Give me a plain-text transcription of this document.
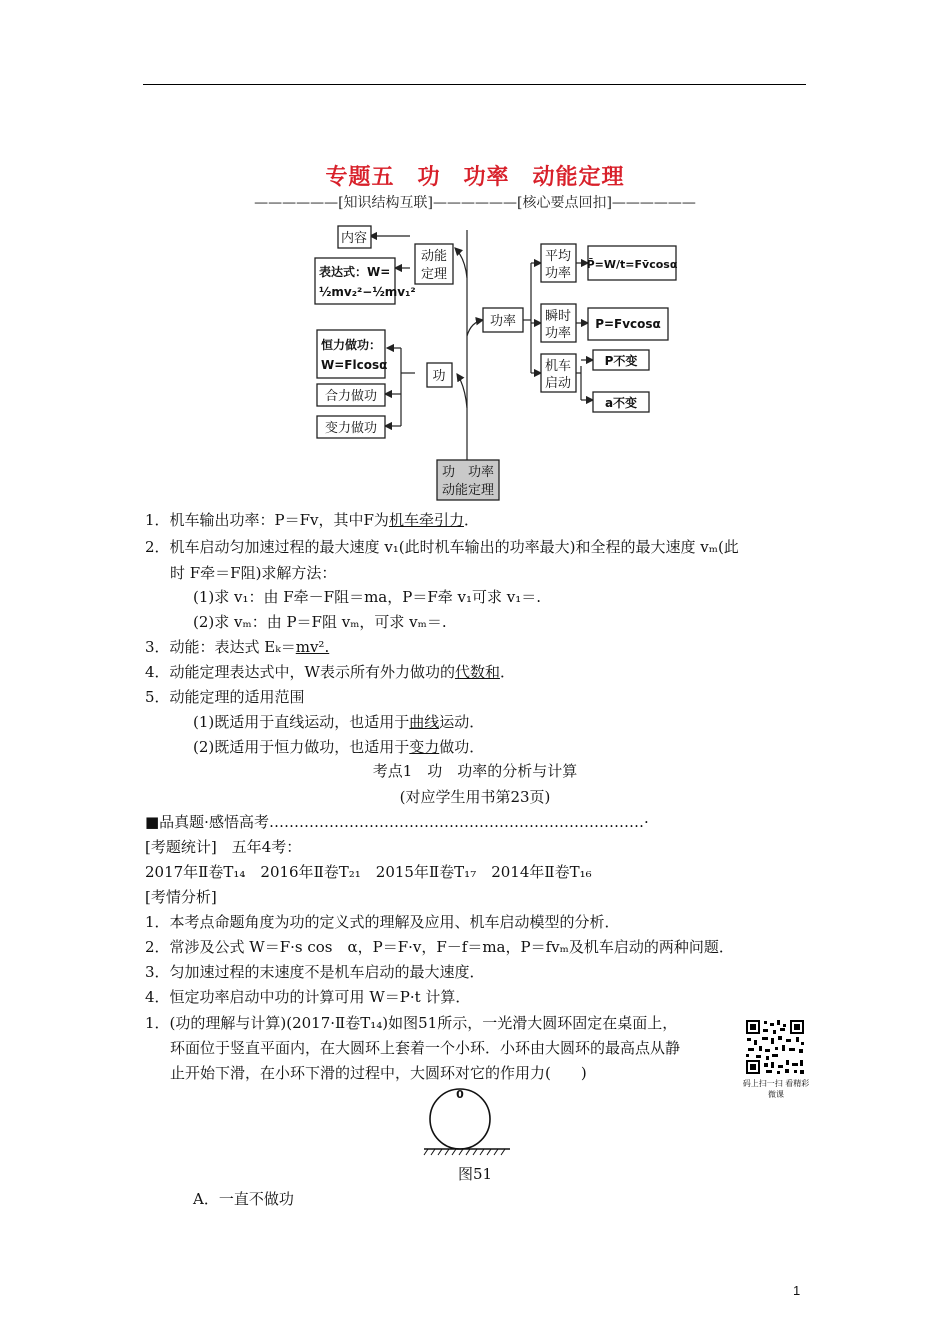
专题五　功　功率　动能定理
——————[知识结构互联]——————[核心要点回扣]——————
内容
表达式：W=
½mv₂²−½mv₁²
动能
定理
恒力做功：
W=Flcosα
合力做功
变力做功
功
功率
平均
功率
P̄=W/t=Fv̄cosα
瞬时
功率
P=Fvcosα
机车
启动
P不变
a不变
功　功率
动能定理
1．机车输出功率：P＝Fv，其中F为机车牵引力．
2．机车启动匀加速过程的最大速度 v₁(此时机车输出的功率最大)和全程的最大速度 vₘ(此
时 F牵＝F阻)求解方法：
(1)求 v₁：由 F牵－F阻＝ma，P＝F牵 v₁可求 v₁＝.
(2)求 vₘ：由 P＝F阻 vₘ，可求 vₘ＝.
3．动能：表达式 Eₖ＝mv².
4．动能定理表达式中，W表示所有外力做功的代数和．
5．动能定理的适用范围
(1)既适用于直线运动，也适用于曲线运动．
(2)既适用于恒力做功，也适用于变力做功．
考点1　功　功率的分析与计算
(对应学生用书第23页)
■品真题·感悟高考…………………………………………………………………·
[考题统计]　五年4考：
2017年Ⅱ卷T₁₄　2016年Ⅱ卷T₂₁　2015年Ⅱ卷T₁₇　2014年Ⅱ卷T₁₆
[考情分析]
1．本考点命题角度为功的定义式的理解及应用、机车启动模型的分析．
2．常涉及公式 W＝F·s cos　α，P＝F·v，F－f＝ma，P＝fvₘ及机车启动的两种问题．
3．匀加速过程的末速度不是机车启动的最大速度．
4．恒定功率启动中功的计算可用 W＝P·t 计算．
1．(功的理解与计算)(2017·Ⅱ卷T₁₄)如图51所示，一光滑大圆环固定在桌面上，
环面位于竖直平面内，在大圆环上套着一个小环．小环由大圆环的最高点从静
止开始下滑，在小环下滑的过程中，大圆环对它的作用力(　　)
码上扫一扫 看精彩微课
0
图51
A．一直不做功
1
